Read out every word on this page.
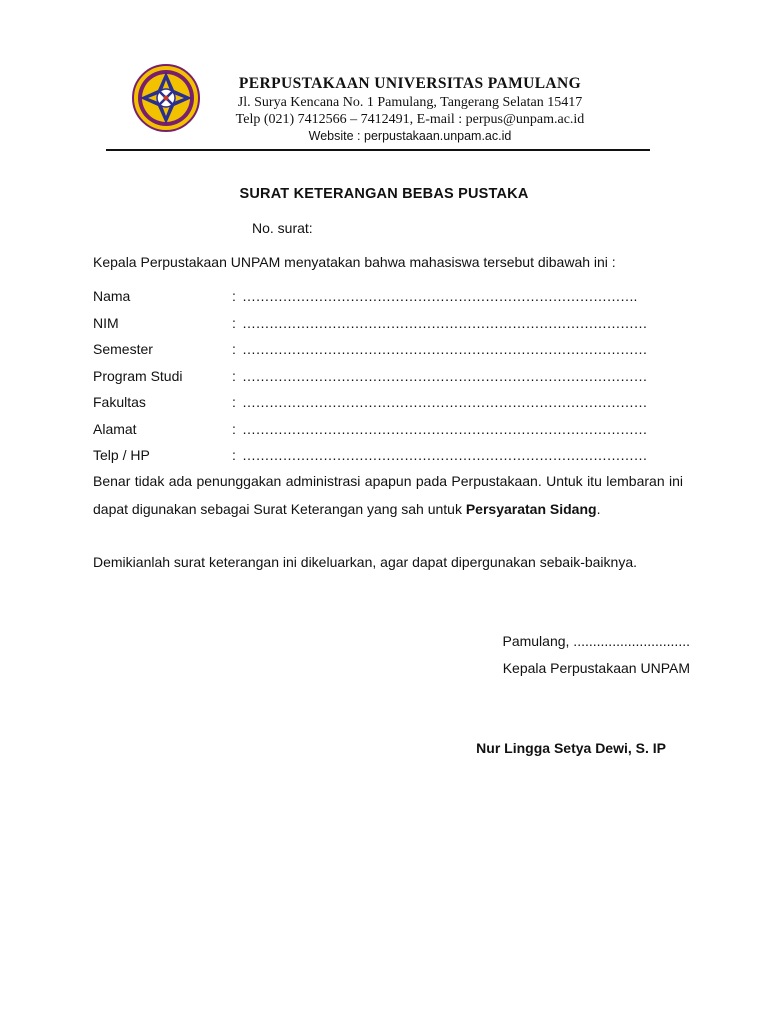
PERPUSTAKAAN UNIVERSITAS PAMULANG
Jl. Surya Kencana No. 1 Pamulang, Tangerang Selatan 15417
Telp (021) 7412566 – 7412491, E-mail : perpus@unpam.ac.id
Website : perpustakaan.unpam.ac.id
SURAT KETERANGAN BEBAS PUSTAKA
No. surat:
Kepala Perpustakaan UNPAM menyatakan bahwa mahasiswa tersebut dibawah ini :
Nama	: …………………………………………………………………………….
NIM	: ………………………………………………………………………………
Semester	: ………………………………………………………………………………
Program Studi	: ………………………………………………………………………………
Fakultas	: ………………………………………………………………………………
Alamat	: ………………………………………………………………………………
Telp / HP	: ………………………………………………………………………………
Benar tidak ada penunggakan administrasi apapun pada Perpustakaan. Untuk itu lembaran ini dapat digunakan sebagai Surat Keterangan yang sah untuk Persyaratan Sidang.
Demikianlah surat keterangan ini dikeluarkan, agar dapat dipergunakan sebaik-baiknya.
Pamulang, ..............................
Kepala Perpustakaan UNPAM
Nur Lingga Setya Dewi, S. IP
